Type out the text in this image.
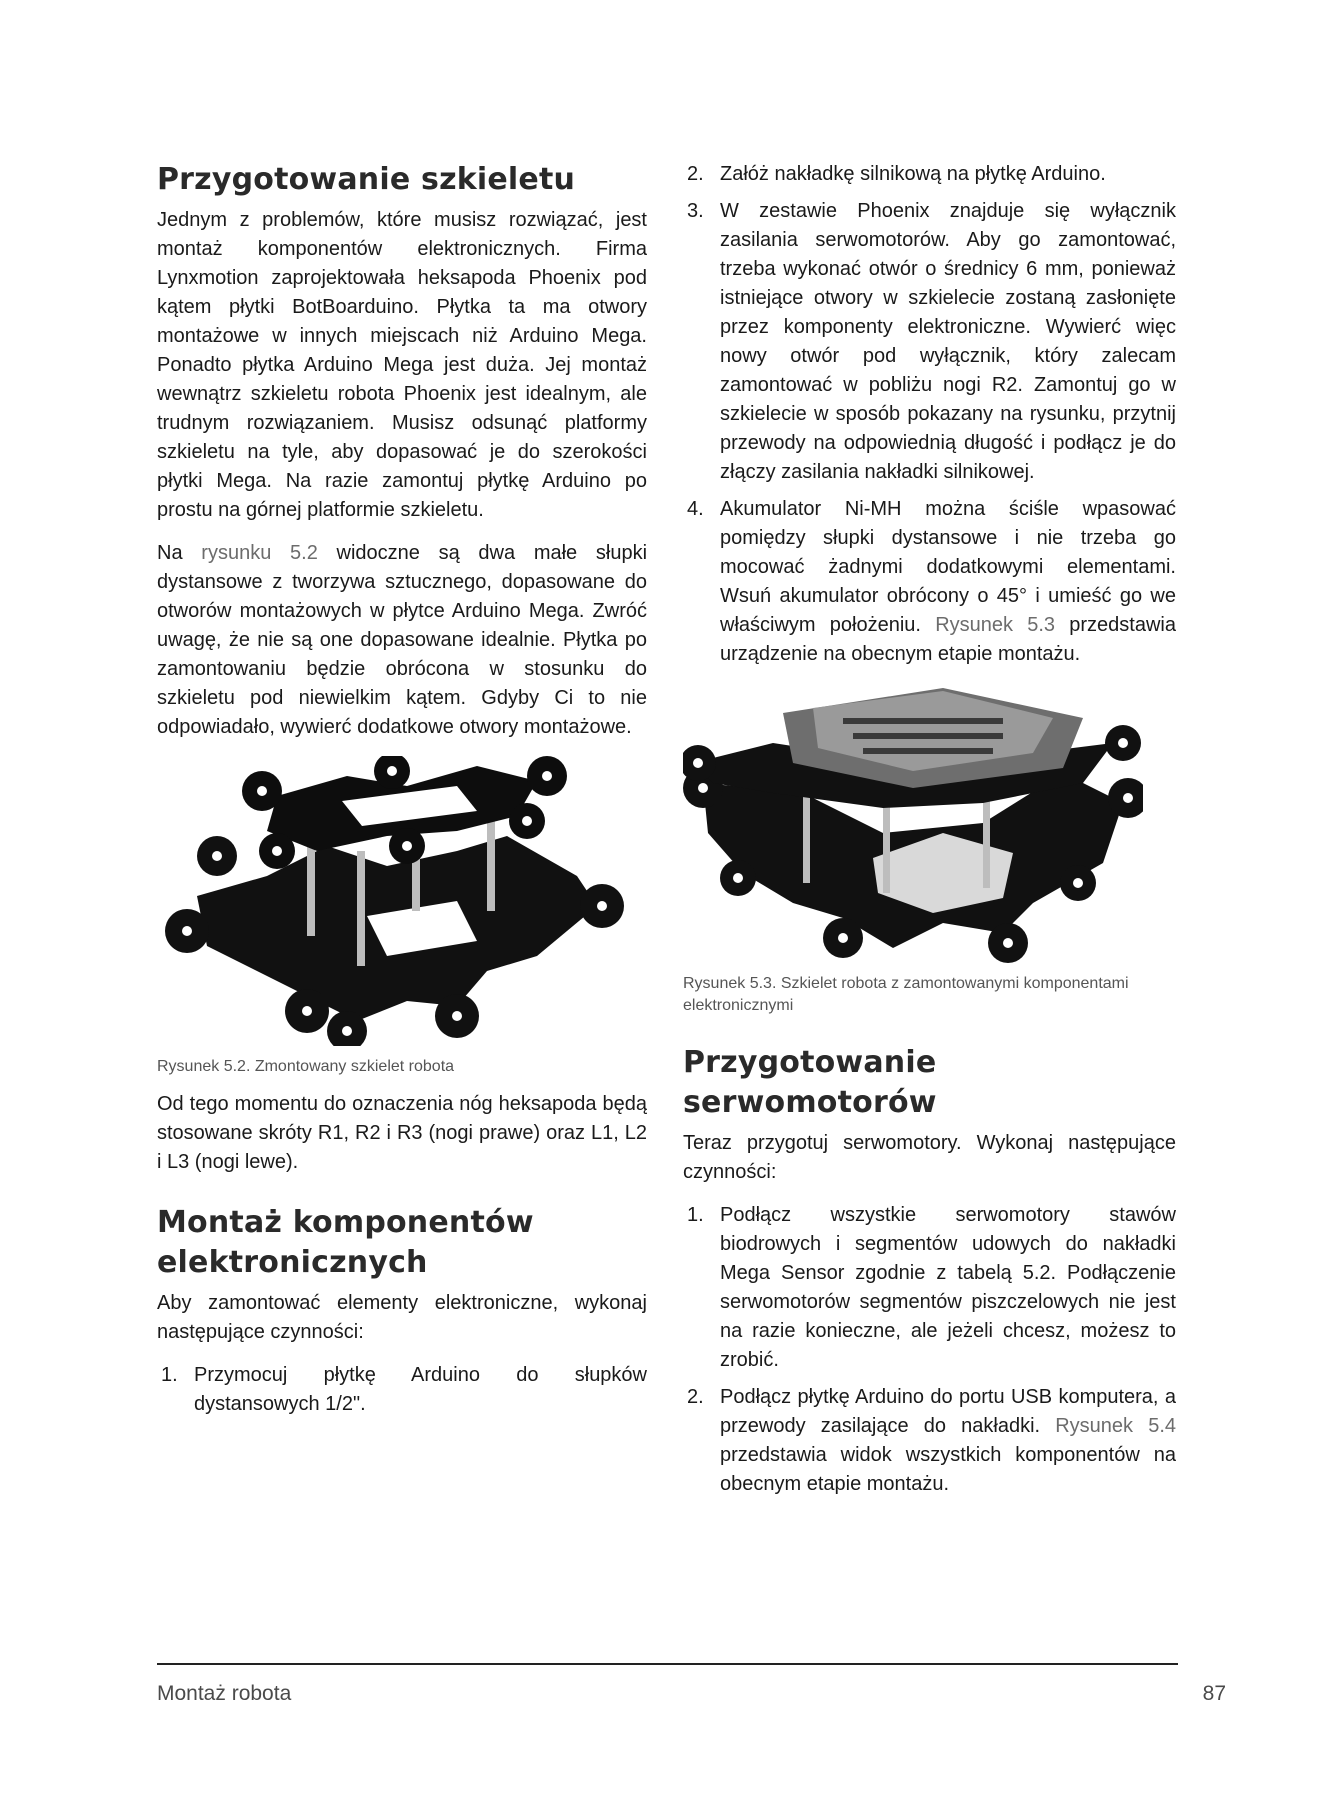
Przygotowanie szkieletu

Jednym z problemów, które musisz rozwiązać, jest montaż komponentów elektronicznych. Firma Lynxmotion zaprojektowała heksapoda Phoenix pod kątem płytki BotBoarduino. Płytka ta ma otwory montażowe w innych miejscach niż Arduino Mega. Ponadto płytka Arduino Mega jest duża. Jej montaż wewnątrz szkieletu robota Phoenix jest idealnym, ale trudnym rozwiązaniem. Musisz odsunąć platformy szkieletu na tyle, aby dopasować je do szerokości płytki Mega. Na razie zamontuj płytkę Arduino po prostu na górnej platformie szkieletu.

Na rysunku 5.2 widoczne są dwa małe słupki dystansowe z tworzywa sztucznego, dopasowane do otworów montażowych w płytce Arduino Mega. Zwróć uwagę, że nie są one dopasowane idealnie. Płytka po zamontowaniu będzie obrócona w stosunku do szkieletu pod niewielkim kątem. Gdyby Ci to nie odpowiadało, wywierć dodatkowe otwory montażowe.

Rysunek 5.2. Zmontowany szkielet robota

Od tego momentu do oznaczenia nóg heksapoda będą stosowane skróty R1, R2 i R3 (nogi prawe) oraz L1, L2 i L3 (nogi lewe).

Montaż komponentów elektronicznych

Aby zamontować elementy elektroniczne, wykonaj następujące czynności:

1. Przymocuj płytkę Arduino do słupków dystansowych 1/2".
2. Załóż nakładkę silnikową na płytkę Arduino.
3. W zestawie Phoenix znajduje się wyłącznik zasilania serwomotorów. Aby go zamontować, trzeba wykonać otwór o średnicy 6 mm, ponieważ istniejące otwory w szkielecie zostaną zasłonięte przez komponenty elektroniczne. Wywierć więc nowy otwór pod wyłącznik, który zalecam zamontować w pobliżu nogi R2. Zamontuj go w szkielecie w sposób pokazany na rysunku, przytnij przewody na odpowiednią długość i podłącz je do złączy zasilania nakładki silnikowej.
4. Akumulator Ni-MH można ściśle wpasować pomiędzy słupki dystansowe i nie trzeba go mocować żadnymi dodatkowymi elementami. Wsuń akumulator obrócony o 45° i umieść go we właściwym położeniu. Rysunek 5.3 przedstawia urządzenie na obecnym etapie montażu.
Rysunek 5.3. Szkielet robota z zamontowanymi komponentami elektronicznymi
Przygotowanie serwomotorów

Teraz przygotuj serwomotory. Wykonaj następujące czynności:

1. Podłącz wszystkie serwomotory stawów biodrowych i segmentów udowych do nakładki Mega Sensor zgodnie z tabelą 5.2. Podłączenie serwomotorów segmentów piszczelowych nie jest na razie konieczne, ale jeżeli chcesz, możesz to zrobić.
2. Podłącz płytkę Arduino do portu USB komputera, a przewody zasilające do nakładki. Rysunek 5.4 przedstawia widok wszystkich komponentów na obecnym etapie montażu.
Montaż robota	87
